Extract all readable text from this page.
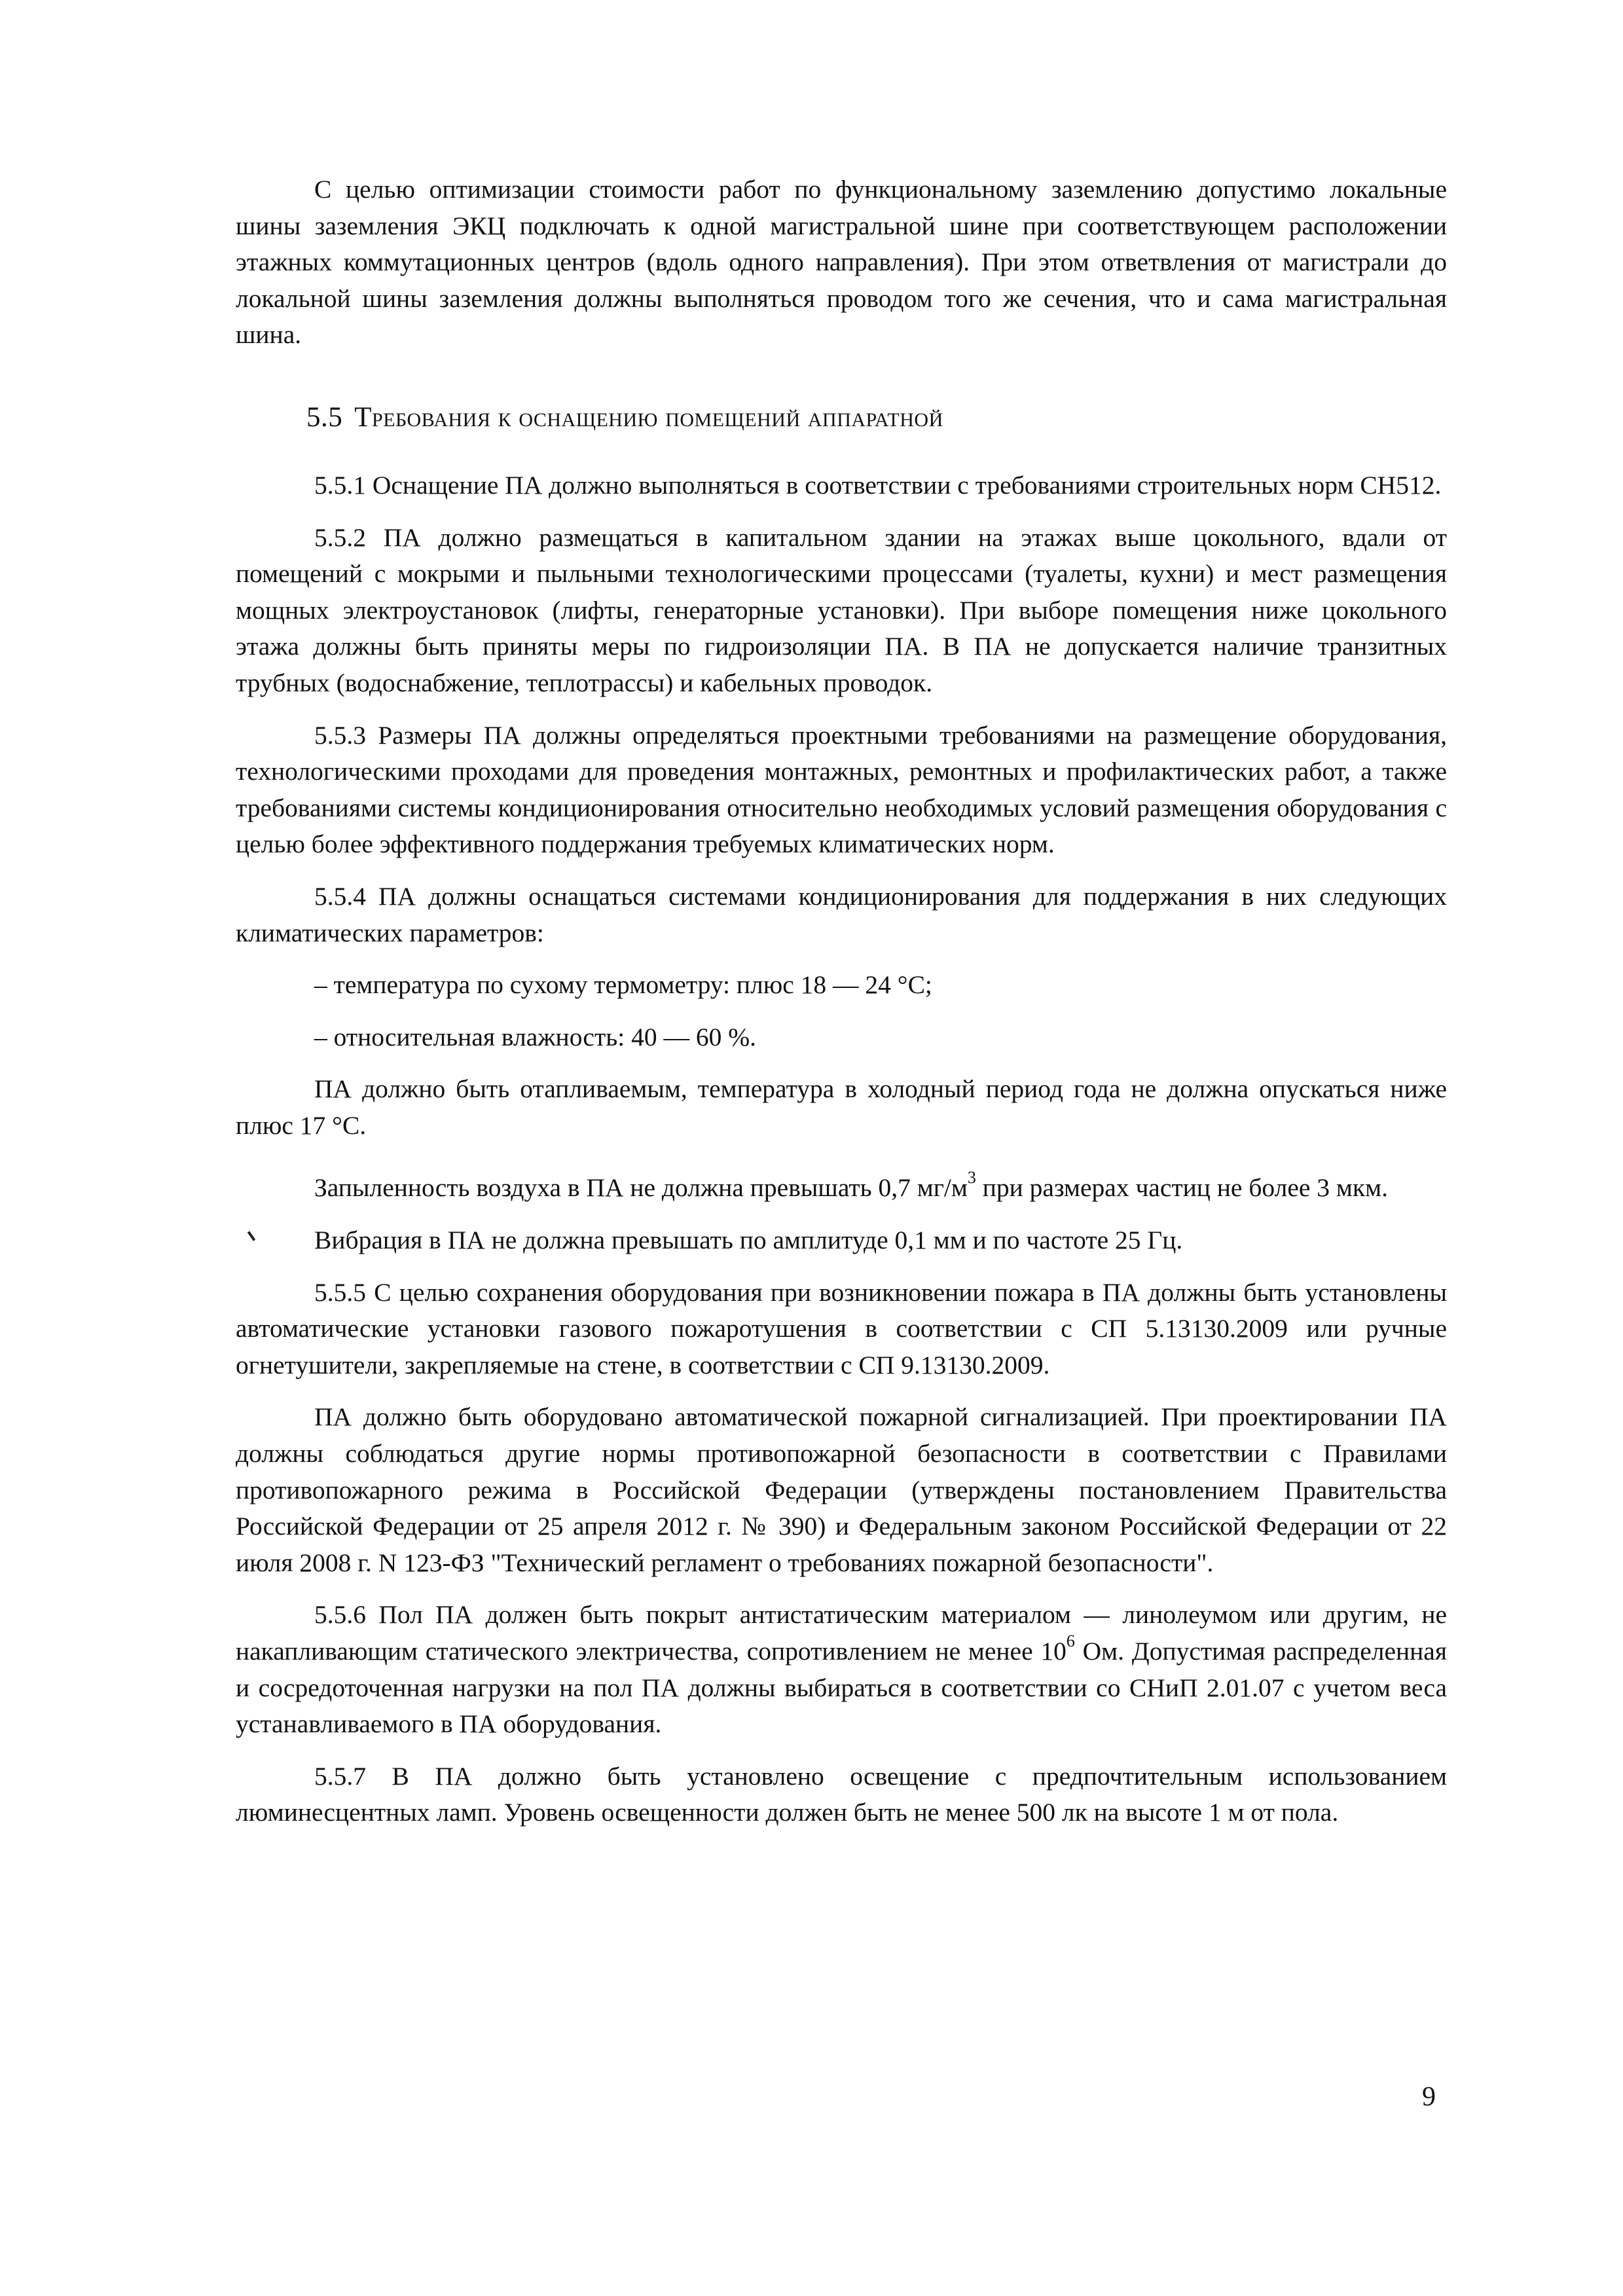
С целью оптимизации стоимости работ по функциональному заземлению допустимо локальные шины заземления ЭКЦ подключать к одной магистральной шине при соответствующем расположении этажных коммутационных центров (вдоль одного направления). При этом ответвления от магистрали до локальной шины заземления должны выполняться проводом того же сечения, что и сама магистральная шина.

5.5 Требования к оснащению помещений аппаратной

5.5.1 Оснащение ПА должно выполняться в соответствии с требованиями строительных норм СН512.

5.5.2 ПА должно размещаться в капитальном здании на этажах выше цокольного, вдали от помещений с мокрыми и пыльными технологическими процессами (туалеты, кухни) и мест размещения мощных электроустановок (лифты, генераторные установки). При выборе помещения ниже цокольного этажа должны быть приняты меры по гидроизоляции ПА. В ПА не допускается наличие транзитных трубных (водоснабжение, теплотрассы) и кабельных проводок.

5.5.3 Размеры ПА должны определяться проектными требованиями на размещение оборудования, технологическими проходами для проведения монтажных, ремонтных и профилактических работ, а также требованиями системы кондиционирования относительно необходимых условий размещения оборудования с целью более эффективного поддержания требуемых климатических норм.

5.5.4 ПА должны оснащаться системами кондиционирования для поддержания в них следующих климатических параметров:

– температура по сухому термометру: плюс 18 — 24 °С;

– относительная влажность: 40 — 60 %.

ПА должно быть отапливаемым, температура в холодный период года не должна опускаться ниже плюс 17 °С.

Запыленность воздуха в ПА не должна превышать 0,7 $мг/м^3$ при размерах частиц не более 3 мкм.

Вибрация в ПА не должна превышать по амплитуде 0,1 мм и по частоте 25 Гц.

5.5.5 С целью сохранения оборудования при возникновении пожара в ПА должны быть установлены автоматические установки газового пожаротушения в соответствии с СП 5.13130.2009 или ручные огнетушители, закрепляемые на стене, в соответствии с СП 9.13130.2009.

ПА должно быть оборудовано автоматической пожарной сигнализацией. При проектировании ПА должны соблюдаться другие нормы противопожарной безопасности в соответствии с Правилами противопожарного режима в Российской Федерации (утверждены постановлением Правительства Российской Федерации от 25 апреля 2012 г. № 390) и Федеральным законом Российской Федерации от 22 июля 2008 г. N 123-ФЗ "Технический регламент о требованиях пожарной безопасности".

5.5.6 Пол ПА должен быть покрыт антистатическим материалом — линолеумом или другим, не накапливающим статического электричества, сопротивлением не менее $10^6$ Ом. Допустимая распределенная и сосредоточенная нагрузки на пол ПА должны выбираться в соответствии со СНиП 2.01.07 с учетом веса устанавливаемого в ПА оборудования.

5.5.7 В ПА должно быть установлено освещение с предпочтительным использованием люминесцентных ламп. Уровень освещенности должен быть не менее 500 лк на высоте 1 м от пола.

9
